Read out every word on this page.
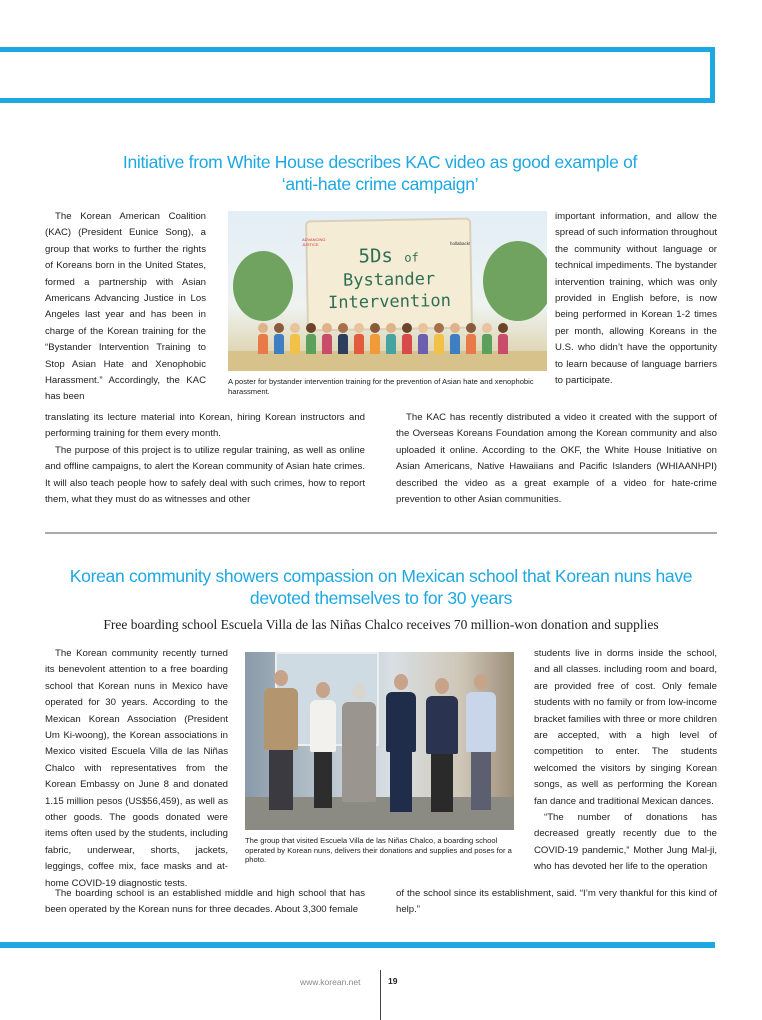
Initiative from White House describes KAC video as good example of
‘anti-hate crime campaign’

The Korean American Coalition (KAC) (President Eunice Song), a group that works to further the rights of Koreans born in the United States, formed a partnership with Asian Americans Advancing Justice in Los Angeles last year and has been in charge of the Korean training for the “Bystander Intervention Training to Stop Asian Hate and Xenophobic Harassment.” Accordingly, the KAC has been

translating its lecture material into Korean, hiring Korean instructors and performing training for them every month.

The purpose of this project is to utilize regular training, as well as online and offline campaigns, to alert the Korean community of Asian hate crimes. It will also teach people how to safely deal with such crimes, how to report them, what they must do as witnesses and other

important information, and allow the spread of such information throughout the community without language or technical impediments. The bystander intervention training, which was only provided in English before, is now being performed in Korean 1-2 times per month, allowing Koreans in the U.S. who didn’t have the opportunity to learn because of language barriers to participate.

The KAC has recently distributed a video it created with the support of the Overseas Koreans Foundation among the Korean community and also uploaded it online. According to the OKF, the White House Initiative on Asian Americans, Native Hawaiians and Pacific Islanders (WHIAANHPI) described the video as a great example of a video for hate-crime prevention to other Asian communities.

5Ds of
Bystander
Intervention
ADVANCING JUSTICE	hollaback!
A poster for bystander intervention training for the prevention of Asian hate and xenophobic harassment.
Korean community showers compassion on Mexican school that Korean nuns have
devoted themselves to for 30 years
Free boarding school Escuela Villa de las Niñas Chalco receives 70 million-won donation and supplies

The Korean community recently turned its benevolent attention to a free boarding school that Korean nuns in Mexico have operated for 30 years. According to the Mexican Korean Association (President Um Ki-woong), the Korean associations in Mexico visited Escuela Villa de las Niñas Chalco with representatives from the Korean Embassy on June 8 and donated 1.15 million pesos (US$56,459), as well as other goods. The goods donated were items often used by the students, including fabric, underwear, shorts, jackets, leggings, coffee mix, face masks and at-home COVID-19 diagnostic tests.

The boarding school is an established middle and high school that has been operated by the Korean nuns for three decades. About 3,300 female

students live in dorms inside the school, and all classes. including room and board, are provided free of cost. Only female students with no family or from low-income bracket families with three or more children are accepted, with a high level of competition to enter. The students welcomed the visitors by singing Korean songs, as well as performing the Korean fan dance and traditional Mexican dances.

“The number of donations has decreased greatly recently due to the COVID-19 pandemic,” Mother Jung Mal-ji, who has devoted her life to the operation

of the school since its establishment, said. “I’m very thankful for this kind of help.”

The group that visited Escuela Villa de las Niñas Chalco, a boarding school operated by Korean nuns, delivers their donations and supplies and poses for a photo.
www.korean.net	19
